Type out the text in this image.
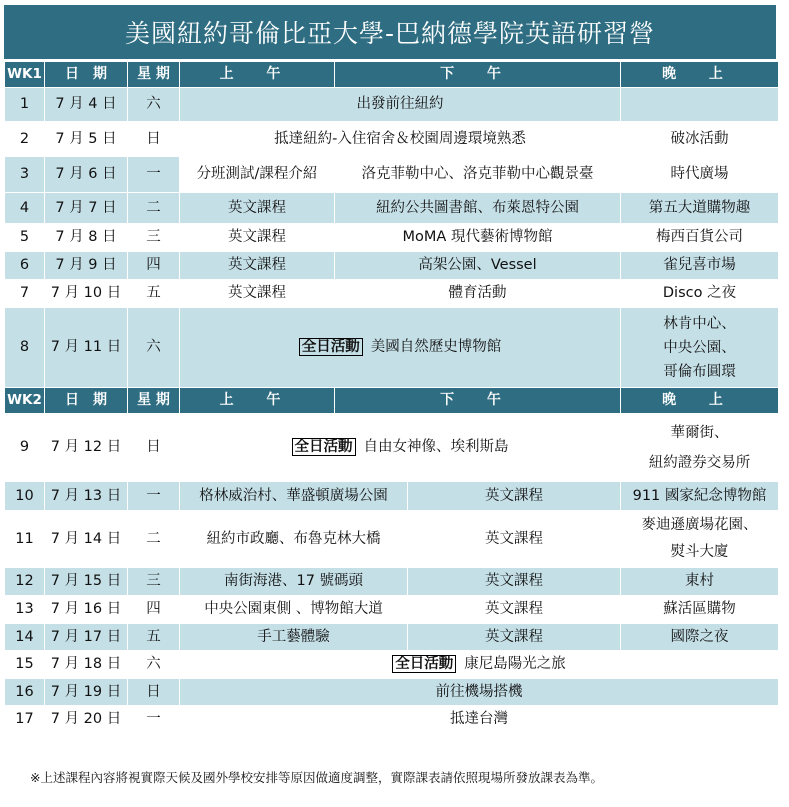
美國紐約哥倫比亞大學-巴納德學院英語研習營
WK1	日　期	星 期	上 午	下 午		晚 上
1	7 月 4 日	六	出發前往紐約			
2	7 月 5 日	日	抵達紐約-入住宿舍＆校園周邊環境熟悉			破冰活動
3	7 月 6 日	一	分班測試/課程介紹	洛克菲勒中心、洛克菲勒中心觀景臺		時代廣場
4	7 月 7 日	二	英文課程	紐約公共圖書館、布萊恩特公園		第五大道購物趣
5	7 月 8 日	三	英文課程	MoMA 現代藝術博物館		梅西百貨公司
6	7 月 9 日	四	英文課程	高架公園、Vessel		雀兒喜市場
7	7 月 10 日	五	英文課程	體育活動		Disco 之夜
8	7 月 11 日	六	全日活動 美國自然歷史博物館			林肯中心、
中央公園、
哥倫布圓環

WK2	日　期	星 期	上 午	下 午		晚 上
9	7 月 12 日	日	全日活動 自由女神像、埃利斯島			華爾街、
紐約證券交易所

10	7 月 13 日	一	格林威治村、華盛頓廣場公園		英文課程	911 國家紀念博物館
11	7 月 14 日	二	紐約市政廳、布魯克林大橋		英文課程	麥迪遜廣場花園、
熨斗大廈

12	7 月 15 日	三	南街海港、17 號碼頭		英文課程	東村
13	7 月 16 日	四	中央公園東側 、博物館大道		英文課程	蘇活區購物
14	7 月 17 日	五	手工藝體驗		英文課程	國際之夜
15	7 月 18 日	六	全日活動 康尼島陽光之旅			
16	7 月 19 日	日	前往機場搭機			
17	7 月 20 日	一	抵達台灣			
※上述課程內容將視實際天候及國外學校安排等原因做適度調整，實際課表請依照現場所發放課表為準。
